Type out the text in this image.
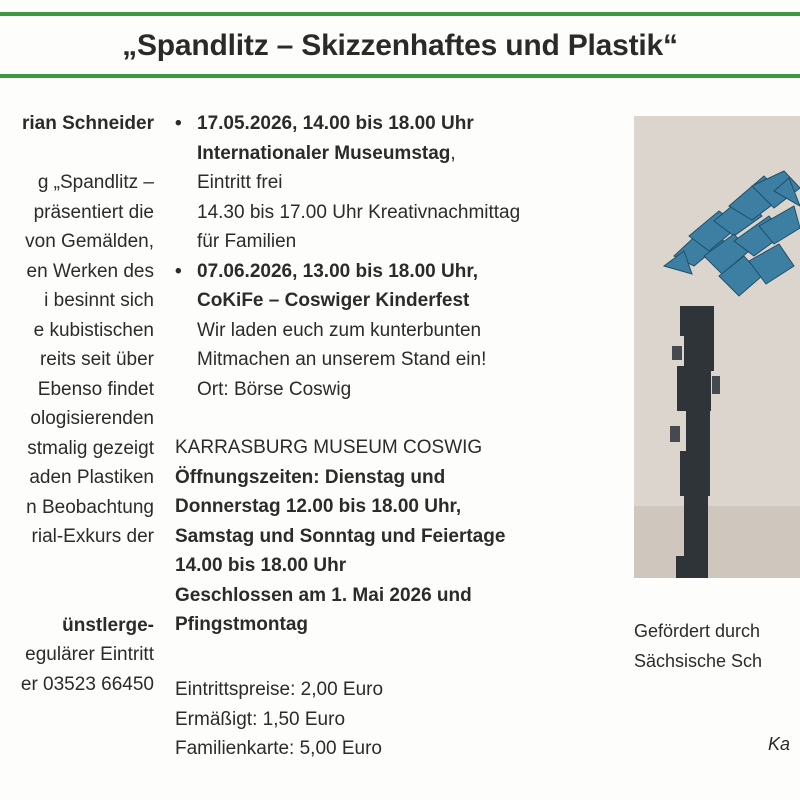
„Spandlitz – Skizzenhaftes und Plastik“
rian Schneider
g „Spandlitz –
präsentiert die
von Gemälden,
en Werken des
i besinnt sich
e kubistischen
reits seit über
Ebenso findet
ologisierenden
stmalig gezeigt
aden Plastiken
n Beobachtung
rial-Exkurs der
ünstlerge-
egulärer Eintritt
er 03523 66450
• 17.05.2026, 14.00 bis 18.00 Uhr
Internationaler Museumstag,
Eintritt frei
14.30 bis 17.00 Uhr Kreativnachmittag
für Familien
• 07.06.2026, 13.00 bis 18.00 Uhr,
CoKiFe – Coswiger Kinderfest
Wir laden euch zum kunterbunten
Mitmachen an unserem Stand ein!
Ort: Börse Coswig
KARRASBURG MUSEUM COSWIG
Öffnungszeiten: Dienstag und
Donnerstag 12.00 bis 18.00 Uhr,
Samstag und Sonntag und Feiertage
14.00 bis 18.00 Uhr
Geschlossen am 1. Mai 2026 und
Pfingstmontag
Eintrittspreise: 2,00 Euro
Ermäßigt: 1,50 Euro
Familienkarte: 5,00 Euro
Gefördert durch
Sächsische Sch
Ka
